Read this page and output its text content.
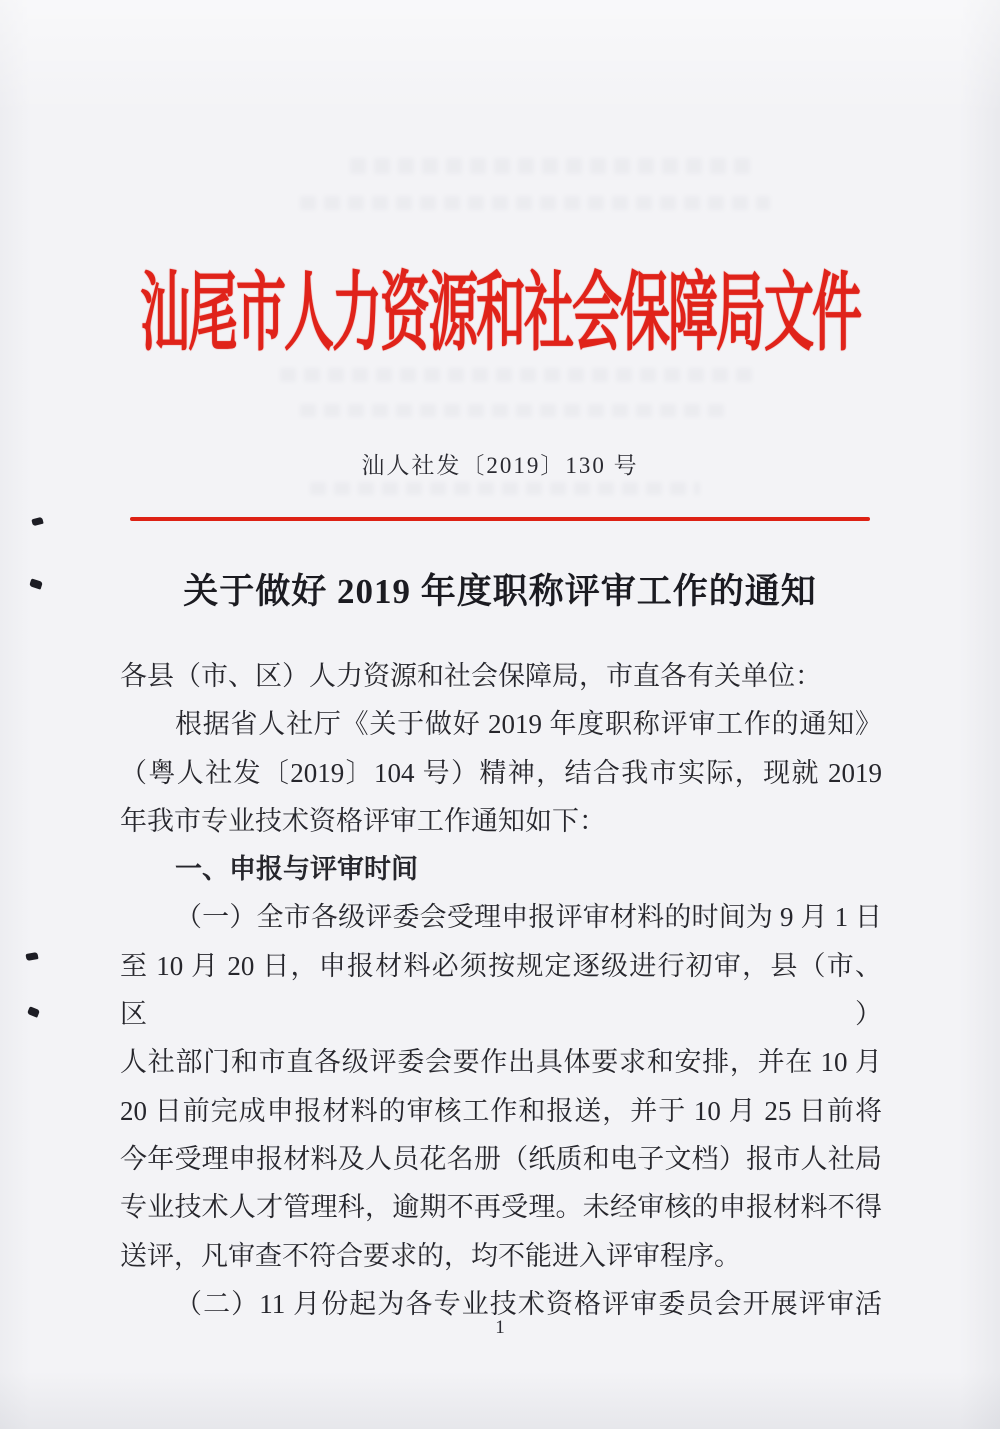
汕尾市人力资源和社会保障局文件
汕人社发〔2019〕130 号
关于做好 2019 年度职称评审工作的通知
各县（市、区）人力资源和社会保障局，市直各有关单位：
根据省人社厅《关于做好 2019 年度职称评审工作的通知》
（粤人社发〔2019〕104 号）精神，结合我市实际，现就 2019
年我市专业技术资格评审工作通知如下：
一、申报与评审时间
（一）全市各级评委会受理申报评审材料的时间为 9 月 1 日
至 10 月 20 日，申报材料必须按规定逐级进行初审，县（市、区）
人社部门和市直各级评委会要作出具体要求和安排，并在 10 月
20 日前完成申报材料的审核工作和报送，并于 10 月 25 日前将
今年受理申报材料及人员花名册（纸质和电子文档）报市人社局
专业技术人才管理科，逾期不再受理。未经审核的申报材料不得
送评，凡审查不符合要求的，均不能进入评审程序。
（二）11 月份起为各专业技术资格评审委员会开展评审活
1
